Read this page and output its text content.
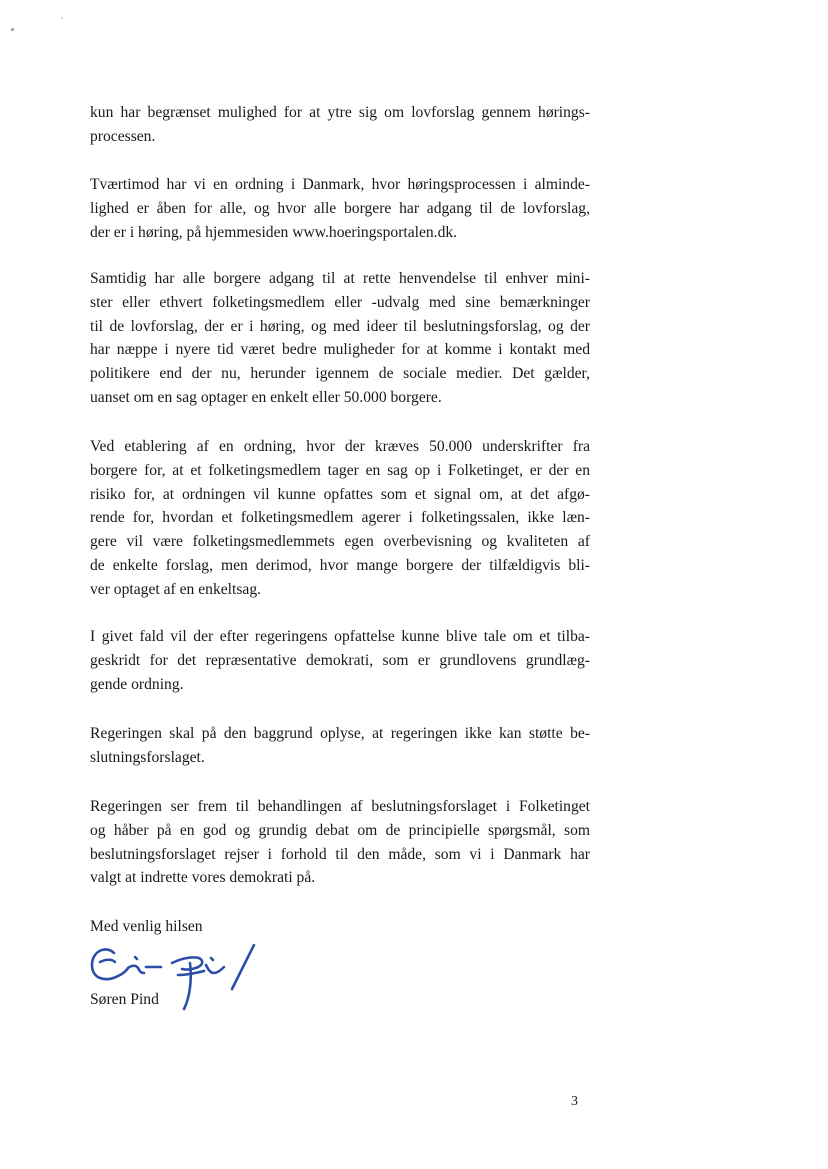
kun har begrænset mulighed for at ytre sig om lovforslag gennem hørings-
processen.

Tværtimod har vi en ordning i Danmark, hvor høringsprocessen i alminde-
lighed er åben for alle, og hvor alle borgere har adgang til de lovforslag,
der er i høring, på hjemmesiden www.hoeringsportalen.dk.

Samtidig har alle borgere adgang til at rette henvendelse til enhver mini-
ster eller ethvert folketingsmedlem eller -udvalg med sine bemærkninger
til de lovforslag, der er i høring, og med ideer til beslutningsforslag, og der
har næppe i nyere tid været bedre muligheder for at komme i kontakt med
politikere end der nu, herunder igennem de sociale medier. Det gælder,
uanset om en sag optager en enkelt eller 50.000 borgere.

Ved etablering af en ordning, hvor der kræves 50.000 underskrifter fra
borgere for, at et folketingsmedlem tager en sag op i Folketinget, er der en
risiko for, at ordningen vil kunne opfattes som et signal om, at det afgø-
rende for, hvordan et folketingsmedlem agerer i folketingssalen, ikke læn-
gere vil være folketingsmedlemmets egen overbevisning og kvaliteten af
de enkelte forslag, men derimod, hvor mange borgere der tilfældigvis bli-
ver optaget af en enkeltsag.

I givet fald vil der efter regeringens opfattelse kunne blive tale om et tilba-
geskridt for det repræsentative demokrati, som er grundlovens grundlæg-
gende ordning.

Regeringen skal på den baggrund oplyse, at regeringen ikke kan støtte be-
slutningsforslaget.

Regeringen ser frem til behandlingen af beslutningsforslaget i Folketinget
og håber på en god og grundig debat om de principielle spørgsmål, som
beslutningsforslaget rejser i forhold til den måde, som vi i Danmark har
valgt at indrette vores demokrati på.

Med venlig hilsen

Søren Pind

3
